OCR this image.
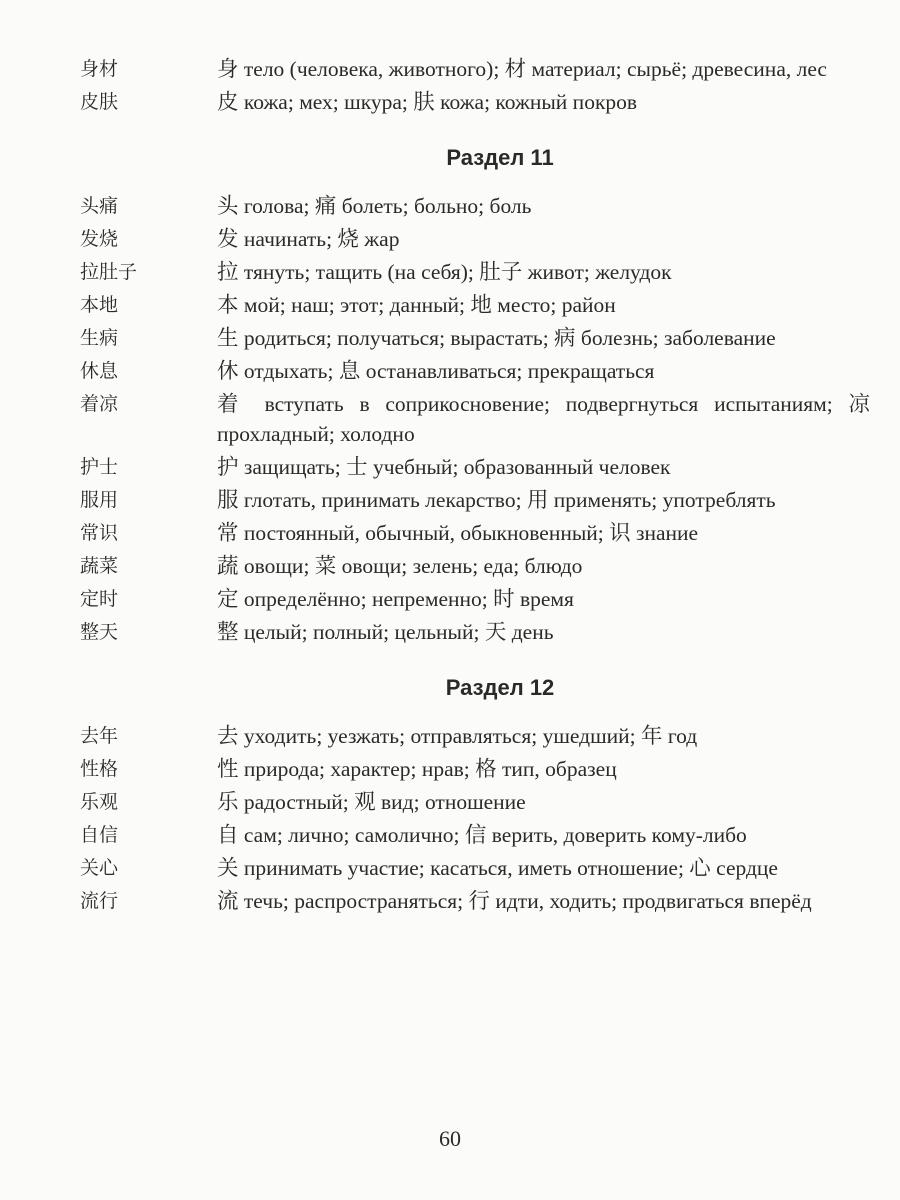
身材	身 тело (человека, животного); 材 материал; сырьё; древесина, лес
皮肤	皮 кожа; мех; шкура; 肤 кожа; кожный покров
Раздел 11
头痛	头 голова; 痛 болеть; больно; боль
发烧	发 начинать; 烧 жар
拉肚子	拉 тянуть; тащить (на себя); 肚子 живот; желудок
本地	本 мой; наш; этот; данный; 地 место; район
生病	生 родиться; получаться; вырастать; 病 болезнь; заболевание
休息	休 отдыхать; 息 останавливаться; прекращаться
着凉	着 вступать в соприкосновение; подвергнуться испытаниям; 凉 прохладный; холодно
护士	护 защищать; 士 учебный; образованный человек
服用	服 глотать, принимать лекарство; 用 применять; употреблять
常识	常 постоянный, обычный, обыкновенный; 识 знание
蔬菜	蔬 овощи; 菜 овощи; зелень; еда; блюдо
定时	定 определённо; непременно; 时 время
整天	整 целый; полный; цельный; 天 день
Раздел 12
去年	去 уходить; уезжать; отправляться; ушедший; 年 год
性格	性 природа; характер; нрав; 格 тип, образец
乐观	乐 радостный; 观 вид; отношение
自信	自 сам; лично; самолично; 信 верить, доверить кому-либо
关心	关 принимать участие; касаться, иметь отношение; 心 сердце
流行	流 течь; распространяться; 行 идти, ходить; продвигаться вперёд
60
